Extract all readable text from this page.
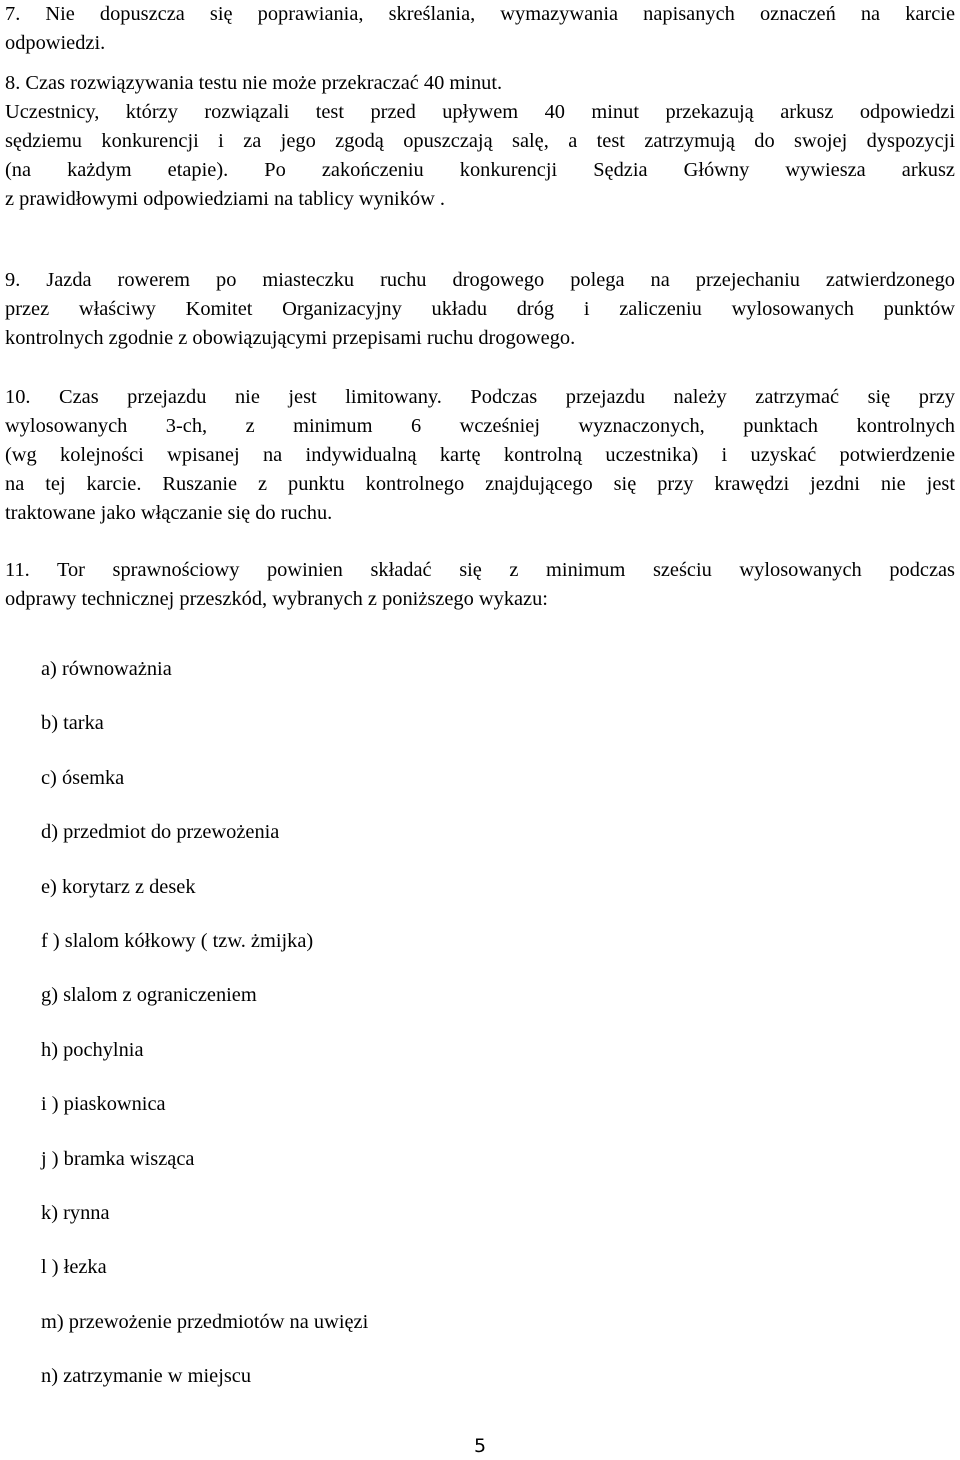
7. Nie dopuszcza się poprawiania, skreślania, wymazywania napisanych oznaczeń na karcie
odpowiedzi.
8. Czas rozwiązywania testu nie może przekraczać 40 minut.
Uczestnicy, którzy rozwiązali test przed upływem 40 minut przekazują arkusz odpowiedzi
sędziemu konkurencji i za jego zgodą opuszczają salę, a test zatrzymują do swojej dyspozycji
(na każdym etapie). Po zakończeniu konkurencji Sędzia Główny wywiesza arkusz
z prawidłowymi odpowiedziami na tablicy wyników .
9. Jazda rowerem po miasteczku ruchu drogowego polega na przejechaniu zatwierdzonego
przez właściwy Komitet Organizacyjny układu dróg i zaliczeniu wylosowanych punktów
kontrolnych zgodnie z obowiązującymi przepisami ruchu drogowego.
10. Czas przejazdu nie jest limitowany. Podczas przejazdu należy zatrzymać się przy
wylosowanych 3-ch, z minimum 6 wcześniej wyznaczonych, punktach kontrolnych
(wg kolejności wpisanej na indywidualną kartę kontrolną uczestnika) i uzyskać potwierdzenie
na tej karcie. Ruszanie z punktu kontrolnego znajdującego się przy krawędzi jezdni nie jest
traktowane jako włączanie się do ruchu.
11. Tor sprawnościowy powinien składać się z minimum sześciu wylosowanych podczas
odprawy technicznej przeszkód, wybranych z poniższego wykazu:
a) równoważnia
b) tarka
c) ósemka
d) przedmiot do przewożenia
e) korytarz z desek
f ) slalom kółkowy ( tzw. żmijka)
g) slalom z ograniczeniem
h) pochylnia
i ) piaskownica
j ) bramka wisząca
k) rynna
l ) łezka
m) przewożenie przedmiotów na uwięzi
n) zatrzymanie w miejscu
5
